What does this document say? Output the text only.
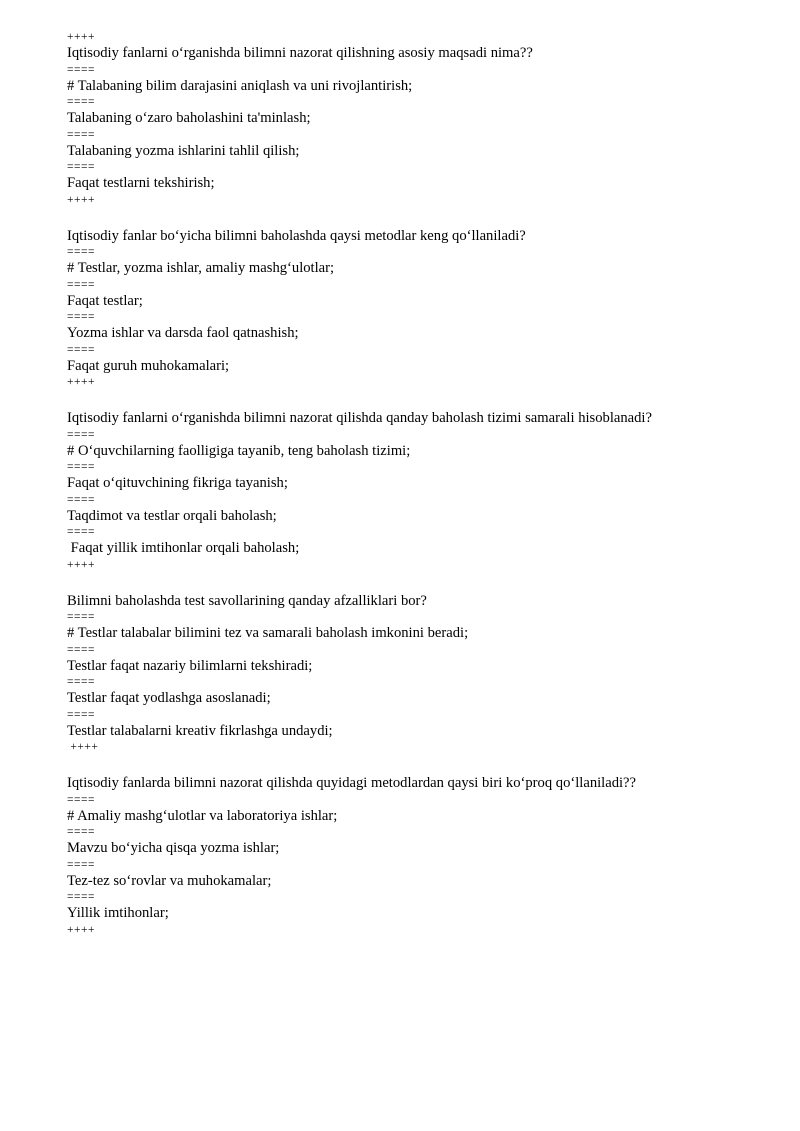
++++
Iqtisodiy fanlarni o‘rganishda bilimni nazorat qilishning asosiy maqsadi nima??
====
# Talabaning bilim darajasini aniqlash va uni rivojlantirish;
====
Talabaning o‘zaro baholashini ta'minlash;
====
Talabaning yozma ishlarini tahlil qilish;
====
Faqat testlarni tekshirish;
++++
Iqtisodiy fanlar bo‘yicha bilimni baholashda qaysi metodlar keng qo‘llaniladi?
====
# Testlar, yozma ishlar, amaliy mashg‘ulotlar;
====
Faqat testlar;
====
Yozma ishlar va darsda faol qatnashish;
====
Faqat guruh muhokamalari;
++++
Iqtisodiy fanlarni o‘rganishda bilimni nazorat qilishda qanday baholash tizimi samarali hisoblanadi?
====
# O‘quvchilarning faolligiga tayanib, teng baholash tizimi;
====
Faqat o‘qituvchining fikriga tayanish;
====
Taqdimot va testlar orqali baholash;
====
Faqat yillik imtihonlar orqali baholash;
++++
Bilimni baholashda test savollarining qanday afzalliklari bor?
====
# Testlar talabalar bilimini tez va samarali baholash imkonini beradi;
====
Testlar faqat nazariy bilimlarni tekshiradi;
====
Testlar faqat yodlashga asoslanadi;
====
Testlar talabalarni kreativ fikrlashga undaydi;
++++
Iqtisodiy fanlarda bilimni nazorat qilishda quyidagi metodlardan qaysi biri ko‘proq qo‘llaniladi??
====
# Amaliy mashg‘ulotlar va laboratoriya ishlar;
====
Mavzu bo‘yicha qisqa yozma ishlar;
====
Tez-tez so‘rovlar va muhokamalar;
====
Yillik imtihonlar;
++++
